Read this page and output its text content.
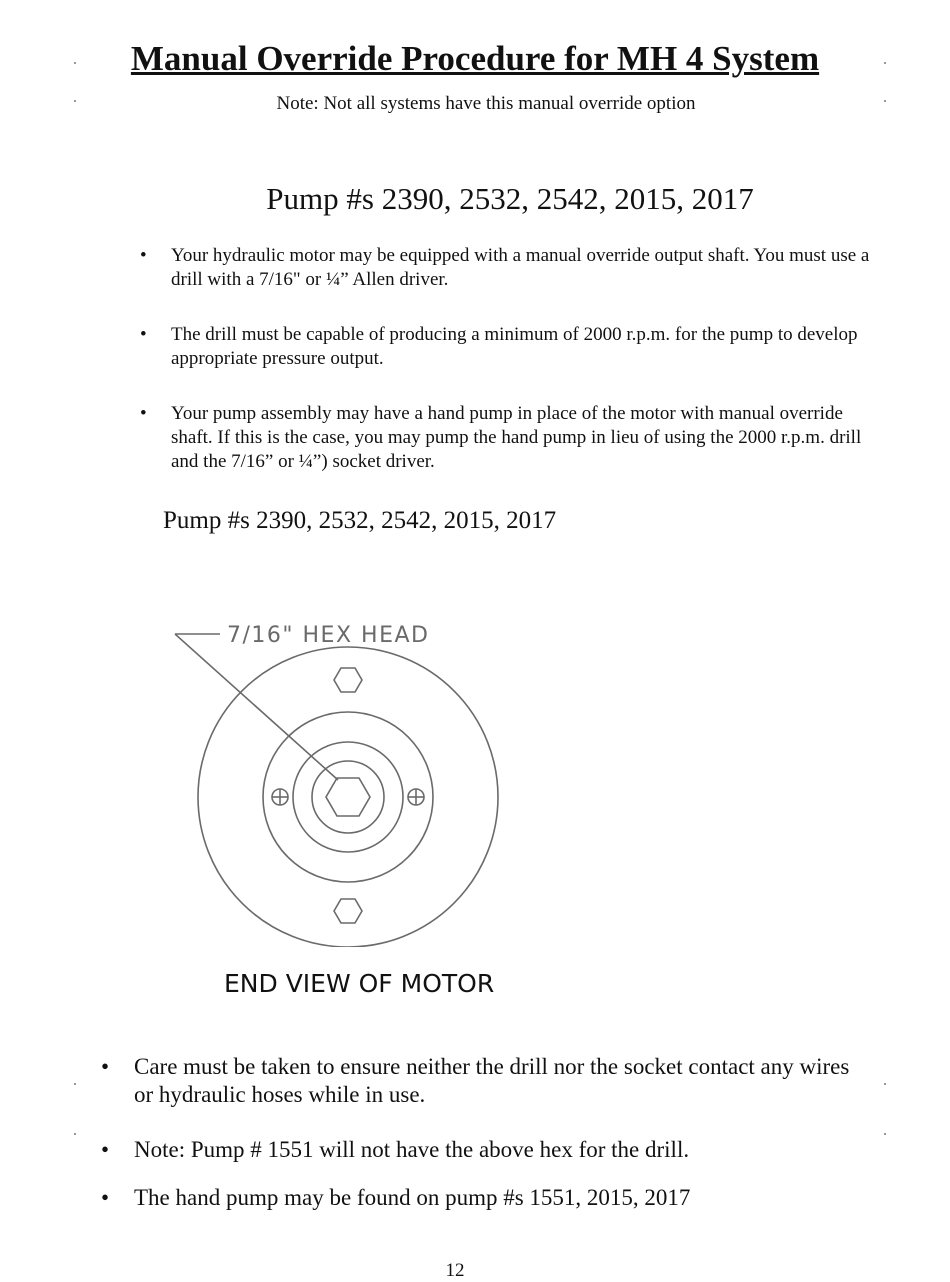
Manual Override Procedure for MH 4 System
Note: Not all systems have this manual override option
Pump #s 2390, 2532, 2542, 2015, 2017
• Your hydraulic motor may be equipped with a manual override output shaft. You must use a drill with a 7/16" or ¼” Allen driver.
• The drill must be capable of producing a minimum of 2000 r.p.m. for the pump to develop appropriate pressure output.
• Your pump assembly may have a hand pump in place of the motor with manual override shaft. If this is the case, you may pump the hand pump in lieu of using the 2000 r.p.m. drill and the 7/16” or ¼”) socket driver.
Pump #s 2390, 2532, 2542, 2015, 2017
7/16" HEX HEAD
END VIEW OF MOTOR
• Care must be taken to ensure neither the drill nor the socket contact any wires or hydraulic hoses while in use.
• Note: Pump # 1551 will not have the above hex for the drill.
• The hand pump may be found on pump #s 1551, 2015, 2017
12
